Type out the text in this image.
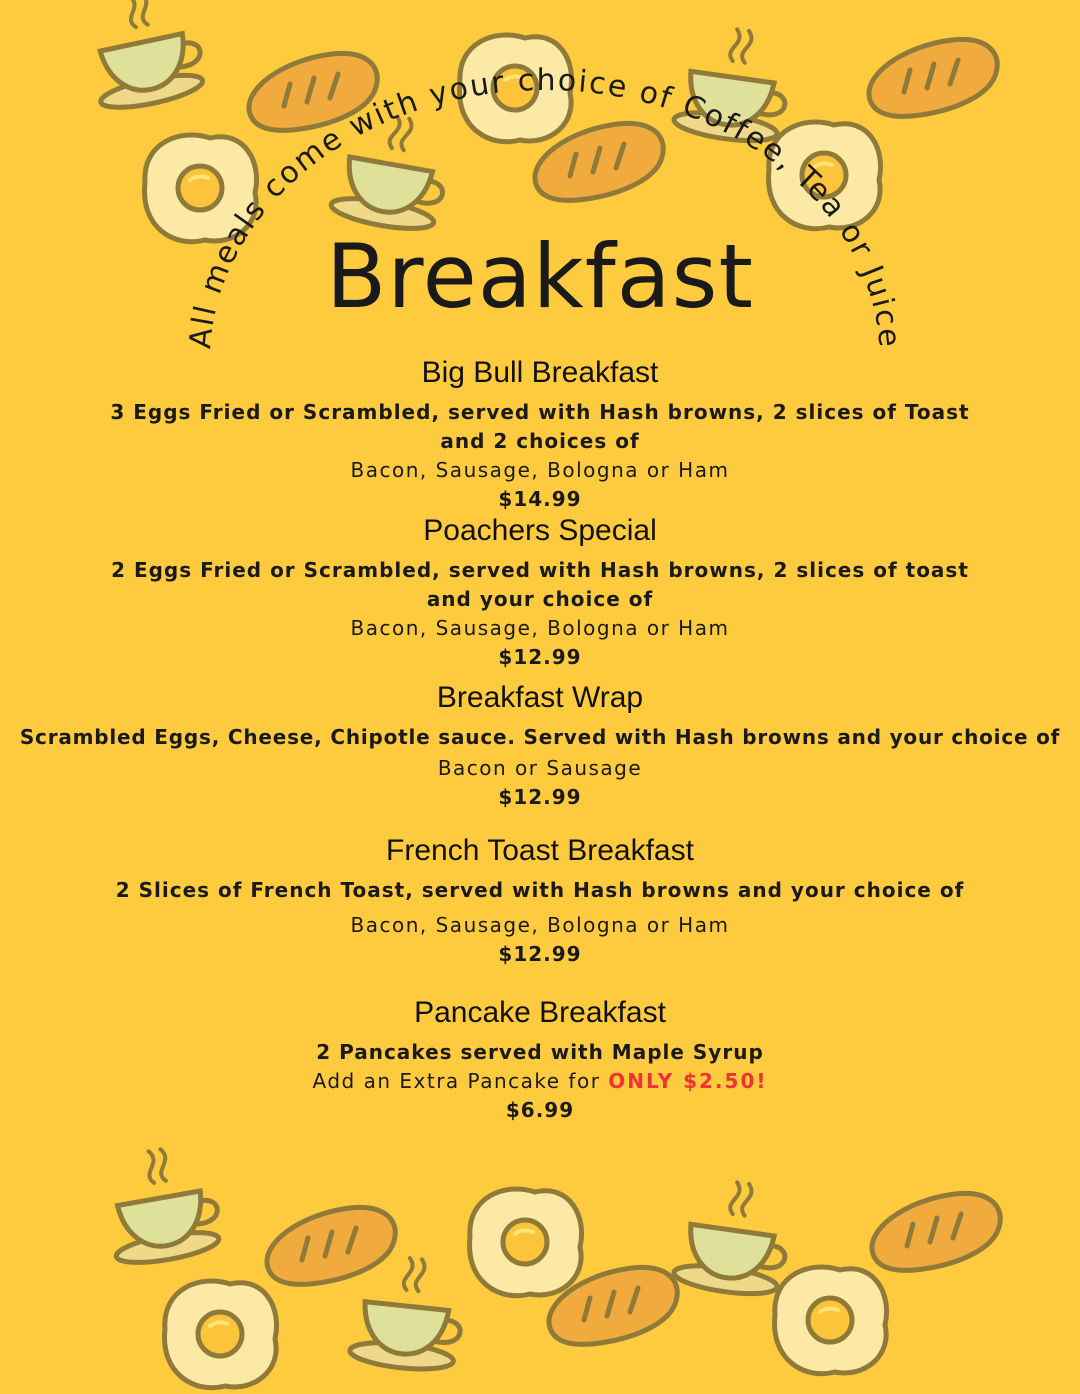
All meals come with your choice of Coffee, Tea or Juice
Breakfast
Big Bull Breakfast
3 Eggs Fried or Scrambled, served with Hash browns, 2 slices of Toast and 2 choices of
Bacon, Sausage, Bologna or Ham
$14.99
Poachers Special
2 Eggs Fried or Scrambled, served with Hash browns, 2 slices of toast and your choice of
Bacon, Sausage, Bologna or Ham
$12.99
Breakfast Wrap
Scrambled Eggs, Cheese, Chipotle sauce. Served with Hash browns and your choice of
Bacon or Sausage
$12.99
French Toast Breakfast
2 Slices of French Toast, served with Hash browns and your choice of
Bacon, Sausage, Bologna or Ham
$12.99
Pancake Breakfast
2 Pancakes served with Maple Syrup
Add an Extra Pancake for ONLY $2.50!
$6.99
